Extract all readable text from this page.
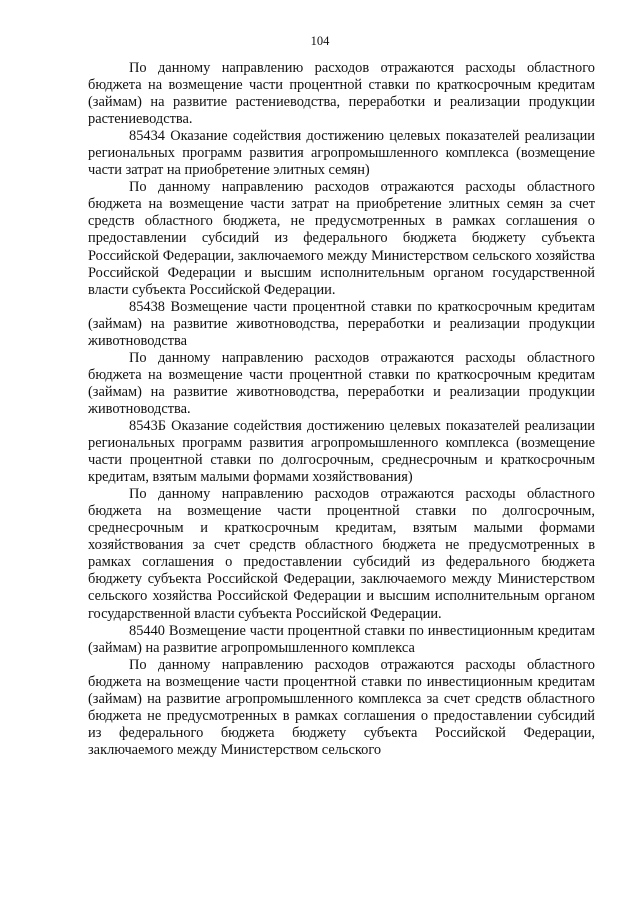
104

По данному направлению расходов отражаются расходы областного бюджета на возмещение части процентной ставки по краткосрочным кредитам (займам) на развитие растениеводства, переработки и реализации продукции растениеводства.

85434 Оказание содействия достижению целевых показателей реализации региональных программ развития агропромышленного комплекса (возмещение части затрат на приобретение элитных семян)

По данному направлению расходов отражаются расходы областного бюджета на возмещение части затрат на приобретение элитных семян за счет средств областного бюджета, не предусмотренных в рамках соглашения о предоставлении субсидий из федерального бюджета бюджету субъекта Российской Федерации, заключаемого между Министерством сельского хозяйства Российской Федерации и высшим исполнительным органом государственной власти субъекта Российской Федерации.

85438 Возмещение части процентной ставки по краткосрочным кредитам (займам) на развитие животноводства, переработки и реализации продукции животноводства

По данному направлению расходов отражаются расходы областного бюджета на возмещение части процентной ставки по краткосрочным кредитам (займам) на развитие животноводства, переработки и реализации продукции животноводства.

8543Б Оказание содействия достижению целевых показателей реализации региональных программ развития агропромышленного комплекса (возмещение части процентной ставки по долгосрочным, среднесрочным и краткосрочным кредитам, взятым малыми формами хозяйствования)

По данному направлению расходов отражаются расходы областного бюджета на возмещение части процентной ставки по долгосрочным, среднесрочным и краткосрочным кредитам, взятым малыми формами хозяйствования за счет средств областного бюджета не предусмотренных в рамках соглашения о предоставлении субсидий из федерального бюджета бюджету субъекта Российской Федерации, заключаемого между Министерством сельского хозяйства Российской Федерации и высшим исполнительным органом государственной власти субъекта Российской Федерации.

85440 Возмещение части процентной ставки по инвестиционным кредитам (займам) на развитие агропромышленного комплекса

По данному направлению расходов отражаются расходы областного бюджета на возмещение части процентной ставки по инвестиционным кредитам (займам) на развитие агропромышленного комплекса за счет средств областного бюджета не предусмотренных в рамках соглашения о предоставлении субсидий из федерального бюджета бюджету субъекта Российской Федерации, заключаемого между Министерством сельского
